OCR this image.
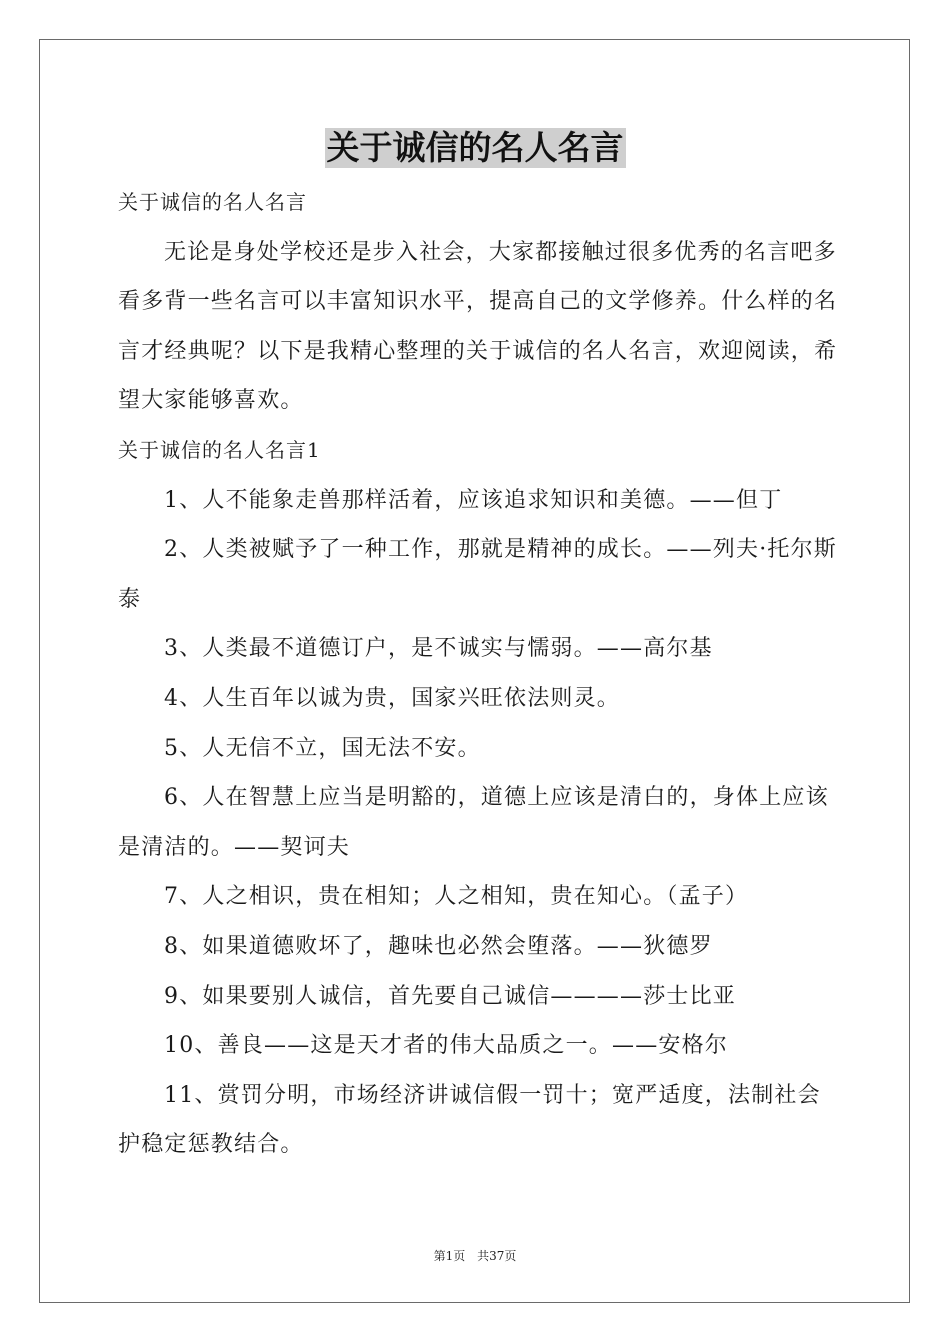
关于诚信的名人名言

关于诚信的名人名言

无论是身处学校还是步入社会，大家都接触过很多优秀的名言吧多看多背一些名言可以丰富知识水平，提高自己的文学修养。什么样的名言才经典呢？以下是我精心整理的关于诚信的名人名言，欢迎阅读，希望大家能够喜欢。

关于诚信的名人名言1

1、人不能象走兽那样活着，应该追求知识和美德。——但丁

2、人类被赋予了一种工作，那就是精神的成长。——列夫·托尔斯泰

3、人类最不道德订户，是不诚实与懦弱。——高尔基

4、人生百年以诚为贵，国家兴旺依法则灵。

5、人无信不立，国无法不安。

6、人在智慧上应当是明豁的，道德上应该是清白的，身体上应该是清洁的。——契诃夫

7、人之相识，贵在相知；人之相知，贵在知心。（孟子）

8、如果道德败坏了，趣味也必然会堕落。——狄德罗

9、如果要别人诚信，首先要自己诚信————莎士比亚

10、善良——这是天才者的伟大品质之一。——安格尔

11、赏罚分明，市场经济讲诚信假一罚十；宽严适度，法制社会护稳定惩教结合。

第1页 共37页
